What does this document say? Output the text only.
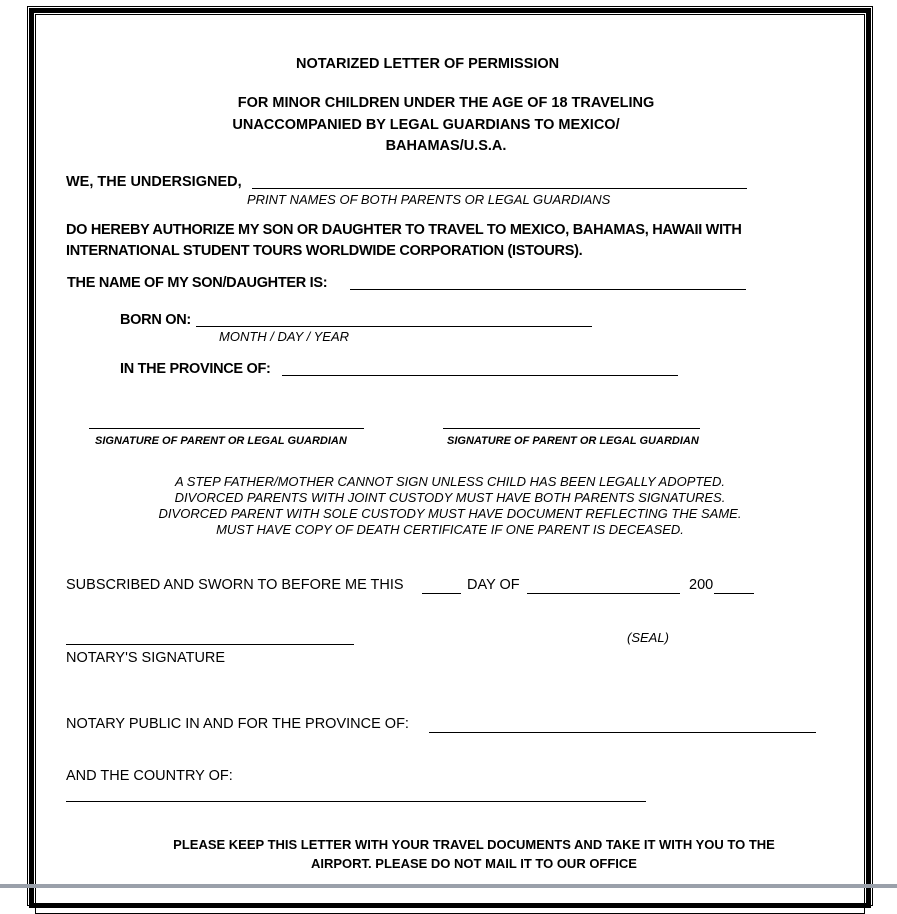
NOTARIZED LETTER OF PERMISSION
FOR MINOR CHILDREN UNDER THE AGE OF 18 TRAVELING
UNACCOMPANIED BY LEGAL GUARDIANS TO MEXICO/
BAHAMAS/U.S.A.
WE, THE UNDERSIGNED,
PRINT NAMES OF BOTH PARENTS OR LEGAL GUARDIANS
DO HEREBY AUTHORIZE MY SON OR DAUGHTER TO TRAVEL TO MEXICO, BAHAMAS, HAWAII WITH
INTERNATIONAL STUDENT TOURS WORLDWIDE CORPORATION (ISTOURS).
THE NAME OF MY SON/DAUGHTER IS:
BORN ON:
MONTH / DAY / YEAR
IN THE PROVINCE OF:
SIGNATURE OF PARENT OR LEGAL GUARDIAN	SIGNATURE OF PARENT OR LEGAL GUARDIAN
A STEP FATHER/MOTHER CANNOT SIGN UNLESS CHILD HAS BEEN LEGALLY ADOPTED.
DIVORCED PARENTS WITH JOINT CUSTODY MUST HAVE BOTH PARENTS SIGNATURES.
DIVORCED PARENT WITH SOLE CUSTODY MUST HAVE DOCUMENT REFLECTING THE SAME.
MUST HAVE COPY OF DEATH CERTIFICATE IF ONE PARENT IS DECEASED.
SUBSCRIBED AND SWORN TO BEFORE ME THIS	DAY OF	200
(SEAL)
NOTARY'S SIGNATURE
NOTARY PUBLIC IN AND FOR THE PROVINCE OF:
AND THE COUNTRY OF:
PLEASE KEEP THIS LETTER WITH YOUR TRAVEL DOCUMENTS AND TAKE IT WITH YOU TO THE
AIRPORT. PLEASE DO NOT MAIL IT TO OUR OFFICE
